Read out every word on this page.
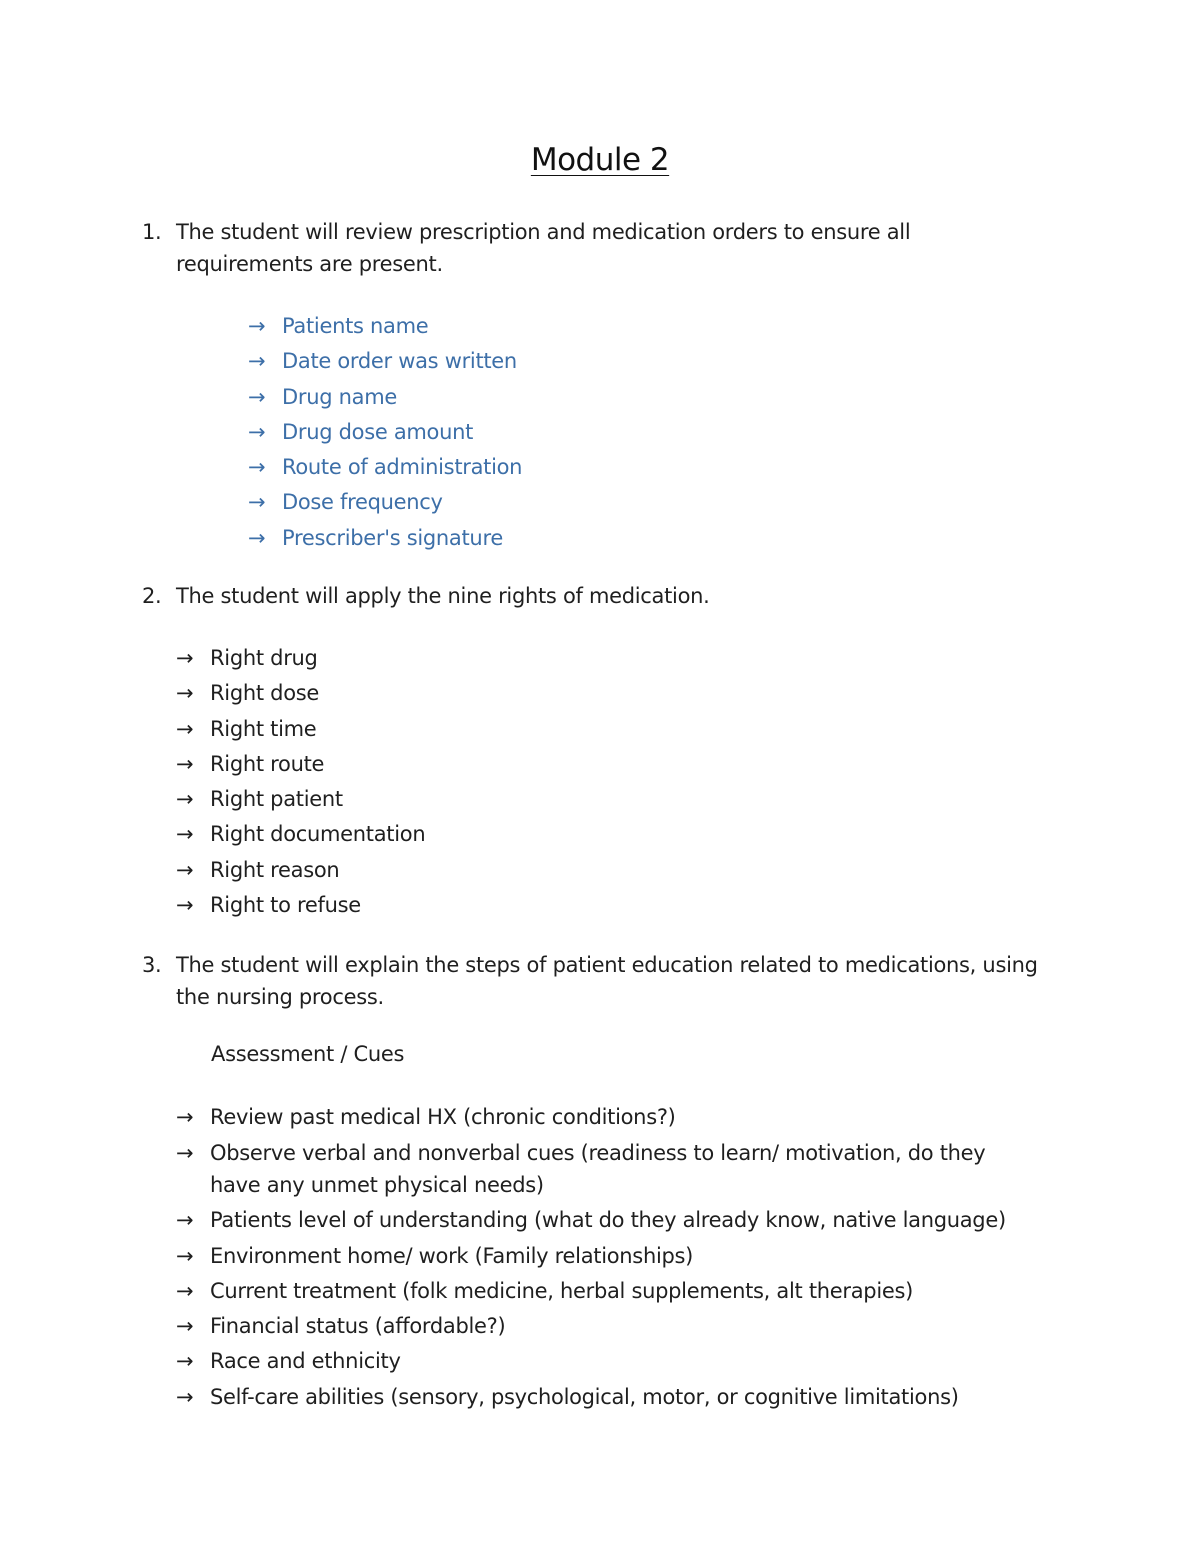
Module 2
1. The student will review prescription and medication orders to ensure all requirements are present.
→ Patients name
→ Date order was written
→ Drug name
→ Drug dose amount
→ Route of administration
→ Dose frequency
→ Prescriber's signature
2. The student will apply the nine rights of medication.
→ Right drug
→ Right dose
→ Right time
→ Right route
→ Right patient
→ Right documentation
→ Right reason
→ Right to refuse
3. The student will explain the steps of patient education related to medications, using the nursing process.
Assessment / Cues
→ Review past medical HX (chronic conditions?)
→ Observe verbal and nonverbal cues (readiness to learn/ motivation, do they have any unmet physical needs)
→ Patients level of understanding (what do they already know, native language)
→ Environment home/ work (Family relationships)
→ Current treatment (folk medicine, herbal supplements, alt therapies)
→ Financial status (affordable?)
→ Race and ethnicity
→ Self-care abilities (sensory, psychological, motor, or cognitive limitations)
